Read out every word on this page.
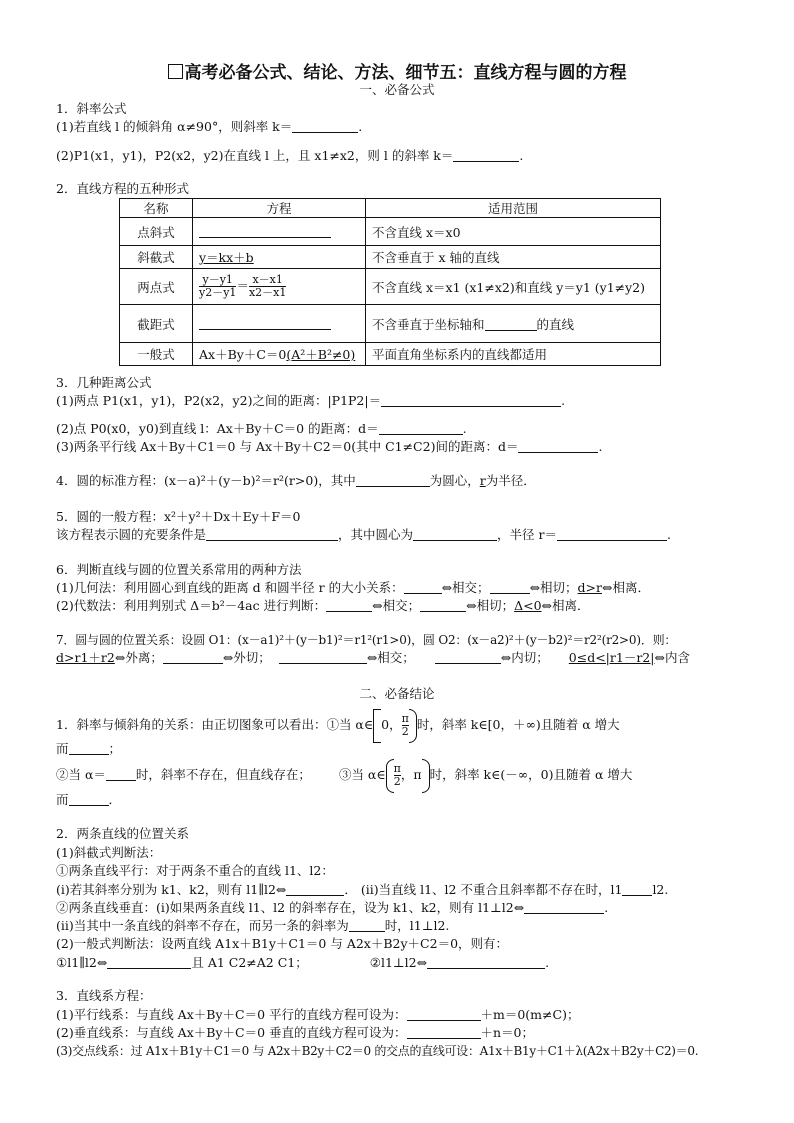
高考必备公式、结论、方法、细节五：直线方程与圆的方程
一、必备公式
1．斜率公式
(1)若直线 l 的倾斜角 α≠90°，则斜率 k＝	.
(2)P1(x1，y1)，P2(x2，y2)在直线 l 上，且 x1≠x2，则 l 的斜率 k＝	.
2．直线方程的五种形式
名称	方程	适用范围
点斜式		不含直线 x＝x0
斜截式	y＝kx＋b	不含垂直于 x 轴的直线
两点式	$\frac{y-y1}{y2-y1} = \frac{x-x1}{x2-x1}$	不含直线 x＝x1 (x1≠x2)和直线 y＝y1 (y1≠y2)
截距式		不含垂直于坐标轴和 的直线
一般式	Ax＋By＋C＝0(A²＋B²≠0)	平面直角坐标系内的直线都适用
3．几种距离公式
(1)两点 P1(x1，y1)，P2(x2，y2)之间的距离：|P1P2|＝	.
(2)点 P0(x0，y0)到直线 l：Ax＋By＋C＝0 的距离：d＝	.
(3)两条平行线 Ax＋By＋C1＝0 与 Ax＋By＋C2＝0(其中 C1≠C2)间的距离：d＝	.
4．圆的标准方程：(x－a)²＋(y－b)²＝r²(r>0)，其中	为圆心，r为半径．
5．圆的一般方程：x²＋y²＋Dx＋Ey＋F＝0
该方程表示圆的充要条件是	，其中圆心为	，半径 r＝	.
6．判断直线与圆的位置关系常用的两种方法
(1)几何法：利用圆心到直线的距离 d 和圆半径 r 的大小关系：	⇔相交；	⇔相切；d>r⇔相离．
(2)代数法：利用判别式 Δ＝b²－4ac 进行判断：	⇔相交；	⇔相切；Δ<0⇔相离．
7．圆与圆的位置关系：设圆 O1：(x－a1)²＋(y－b1)²＝r1²(r1>0)，圆 O2：(x－a2)²＋(y－b2)²＝r2²(r2>0)．则：
d>r1＋r2⇔外离；	⇔外切；	⇔相交；	⇔内切； 0≤d<|r1－r2|⇔内含
二、必备结论
1．斜率与倾斜角的关系：由正切图象可以看出：①当 α∈ 0， $\frac{\pi}{2}$ 时，斜率 k∈[0，＋∞)且随着 α 增大
而	；
②当 α＝ 时，斜率不存在，但直线存在； ③当 α∈ $\frac{\pi}{2}$ ，π 时，斜率 k∈(－∞，0)且随着 α 增大
而	．
2．两条直线的位置关系
(1)斜截式判断法：
①两条直线平行：对于两条不重合的直线 l1、l2：
(ⅰ)若其斜率分别为 k1、k2，则有 l1∥l2⇔	． (ⅱ)当直线 l1、l2 不重合且斜率都不存在时，l1 l2.
②两条直线垂直：(ⅰ)如果两条直线 l1、l2 的斜率存在，设为 k1、k2，则有 l1⊥l2⇔	.
(ⅱ)当其中一条直线的斜率不存在，而另一条的斜率为	时，l1⊥l2.
(2)一般式判断法：设两直线 A1x＋B1y＋C1＝0 与 A2x＋B2y＋C2＝0，则有：
①l1∥l2⇔	且 A1 C2≠A2 C1；	②l1⊥l2⇔	.
3．直线系方程：
(1)平行线系：与直线 Ax＋By＋C＝0 平行的直线方程可设为：	＋m＝0(m≠C)；
(2)垂直线系：与直线 Ax＋By＋C＝0 垂直的直线方程可设为：	＋n＝0；
(3)交点线系：过 A1x＋B1y＋C1＝0 与 A2x＋B2y＋C2＝0 的交点的直线可设：A1x＋B1y＋C1＋λ(A2x＋B2y＋C2)＝0.
